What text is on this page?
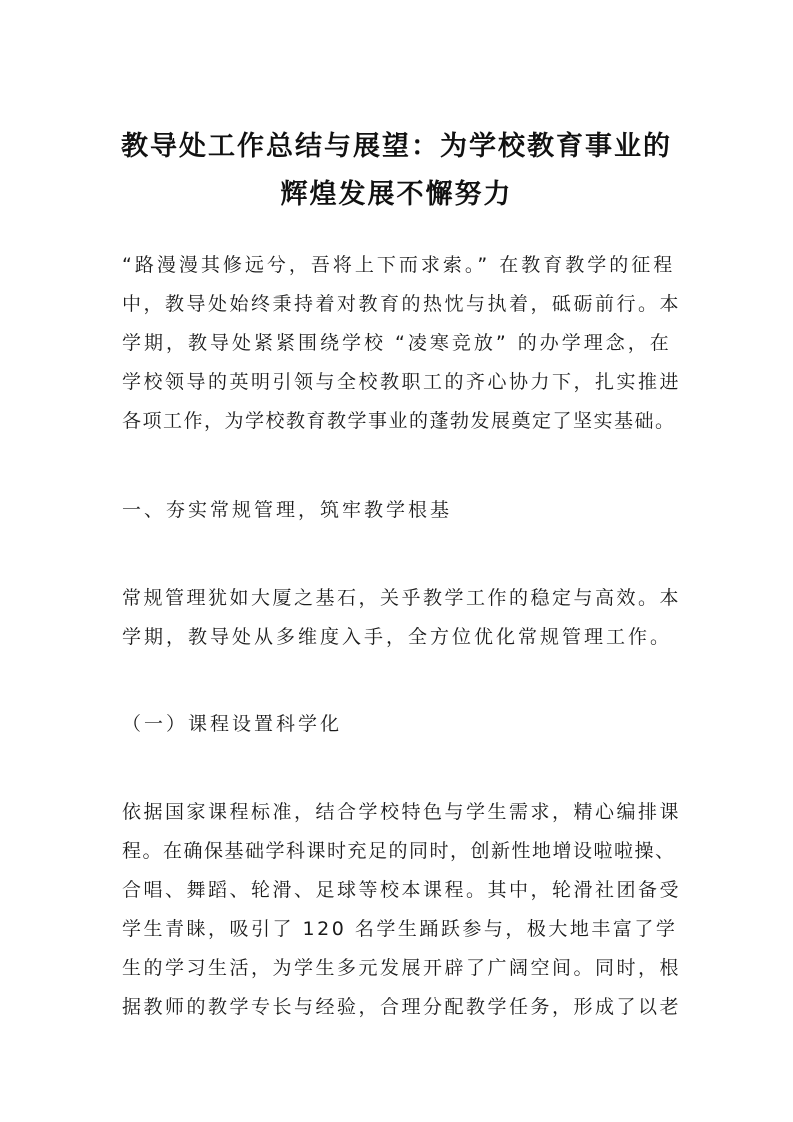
教导处工作总结与展望：为学校教育事业的
辉煌发展不懈努力
“路漫漫其修远兮，吾将上下而求索。” 在教育教学的征程
中，教导处始终秉持着对教育的热忱与执着，砥砺前行。本
学期，教导处紧紧围绕学校 “凌寒竞放” 的办学理念，在
学校领导的英明引领与全校教职工的齐心协力下，扎实推进
各项工作，为学校教育教学事业的蓬勃发展奠定了坚实基础。
一、夯实常规管理，筑牢教学根基
常规管理犹如大厦之基石，关乎教学工作的稳定与高效。本
学期，教导处从多维度入手，全方位优化常规管理工作。
（一）课程设置科学化
依据国家课程标准，结合学校特色与学生需求，精心编排课
程。在确保基础学科课时充足的同时，创新性地增设啦啦操、
合唱、舞蹈、轮滑、足球等校本课程。其中，轮滑社团备受
学生青睐，吸引了 120 名学生踊跃参与，极大地丰富了学
生的学习生活，为学生多元发展开辟了广阔空间。同时，根
据教师的教学专长与经验，合理分配教学任务，形成了以老
